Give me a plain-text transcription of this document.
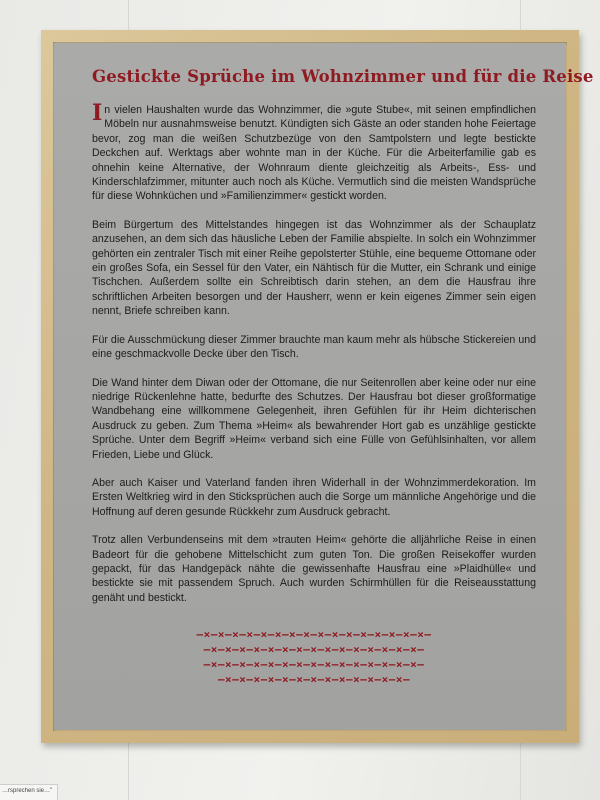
Gestickte Sprüche im Wohnzimmer und für die Reise

In vielen Haushalten wurde das Wohnzimmer, die »gute Stube«, mit seinen empfindlichen Möbeln nur ausnahmsweise benutzt. Kündigten sich Gäste an oder standen hohe Feiertage bevor, zog man die weißen Schutzbezüge von den Samtpolstern und legte bestickte Deckchen auf. Werktags aber wohnte man in der Küche. Für die Arbeiterfamilie gab es ohnehin keine Alternative, der Wohnraum diente gleichzeitig als Arbeits-, Ess- und Kinderschlafzimmer, mitunter auch noch als Küche. Vermutlich sind die meisten Wandsprüche für diese Wohnküchen und »Familienzimmer« gestickt worden.

Beim Bürgertum des Mittelstandes hingegen ist das Wohnzimmer als der Schauplatz anzusehen, an dem sich das häusliche Leben der Familie abspielte. In solch ein Wohnzimmer gehörten ein zentraler Tisch mit einer Reihe gepolsterter Stühle, eine bequeme Ottomane oder ein großes Sofa, ein Sessel für den Vater, ein Nähtisch für die Mutter, ein Schrank und einige Tischchen. Außerdem sollte ein Schreibtisch darin stehen, an dem die Hausfrau ihre schriftlichen Arbeiten besorgen und der Hausherr, wenn er kein eigenes Zimmer sein eigen nennt, Briefe schreiben kann.

Für die Ausschmückung dieser Zimmer brauchte man kaum mehr als hübsche Stickereien und eine geschmackvolle Decke über den Tisch.

Die Wand hinter dem Diwan oder der Ottomane, die nur Seitenrollen aber keine oder nur eine niedrige Rückenlehne hatte, bedurfte des Schutzes. Der Hausfrau bot dieser großformatige Wandbehang eine willkommene Gelegenheit, ihren Gefühlen für ihr Heim dichterischen Ausdruck zu geben. Zum Thema »Heim« als bewahrender Hort gab es unzählige gestickte Sprüche. Unter dem Begriff »Heim« verband sich eine Fülle von Gefühlsinhalten, vor allem Frieden, Liebe und Glück.

Aber auch Kaiser und Vaterland fanden ihren Widerhall in der Wohnzimmerdekoration. Im Ersten Weltkrieg wird in den Sticksprüchen auch die Sorge um männliche Angehörige und die Hoffnung auf deren gesunde Rückkehr zum Ausdruck gebracht.

Trotz allen Verbundenseins mit dem »trauten Heim« gehörte die alljährliche Reise in einen Badeort für die gehobene Mittelschicht zum guten Ton. Die großen Reisekoffer wurden gepackt, für das Handgepäck nähte die gewissenhafte Hausfrau eine »Plaidhülle« und bestickte sie mit passendem Spruch. Auch wurden Schirmhüllen für die Reiseausstattung genäht und bestickt.

—×—×—×—×—×—×—×—×—×—×—×—×—×—×—×—×—
—×—×—×—×—×—×—×—×—×—×—×—×—×—×—×—
—×—×—×—×—×—×—×—×—×—×—×—×—×—×—×—
—×—×—×—×—×—×—×—×—×—×—×—×—×—
…rsprechen sie…"
